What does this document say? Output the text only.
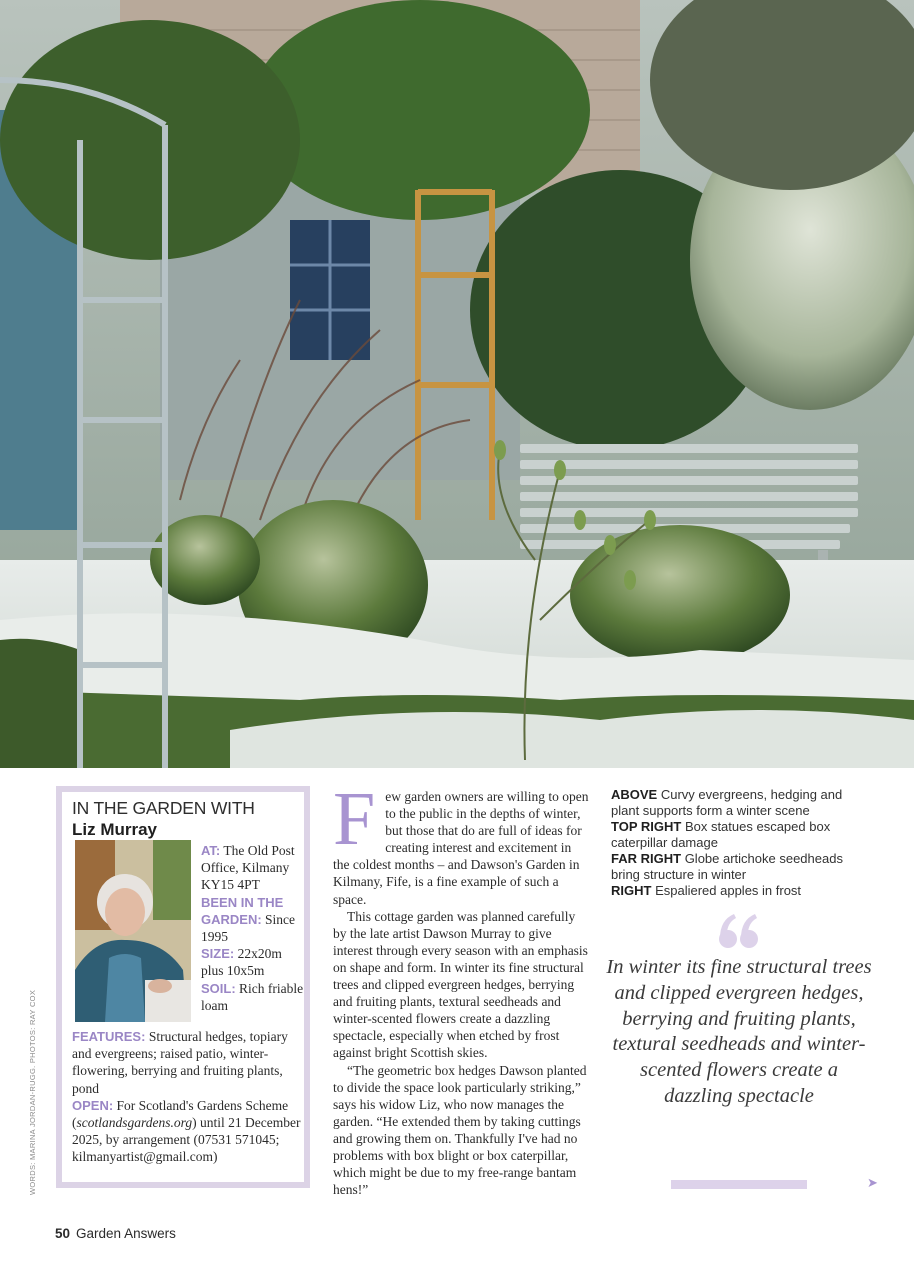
IN THE GARDEN WITH
Liz Murray
AT: The Old Post Office, Kilmany KY15 4PT
BEEN IN THE GARDEN: Since 1995
SIZE: 22x20m plus 10x5m
SOIL: Rich friable loam
FEATURES: Structural hedges, topiary and evergreens; raised patio, winter-flowering, berrying and fruiting plants, pond
OPEN: For Scotland's Gardens Scheme (scotlandsgardens.org) until 21 December 2025, by arrangement (07531 571045; kilmanyartist@gmail.com)
WORDS: MARINA JORDAN-RUGG. PHOTOS: RAY COX
F ew garden owners are willing to open to the public in the depths of winter, but those that do are full of ideas for creating interest and excitement in the coldest months – and Dawson's Garden in Kilmany, Fife, is a fine example of such a space.

This cottage garden was planned carefully by the late artist Dawson Murray to give interest through every season with an emphasis on shape and form. In winter its fine structural trees and clipped evergreen hedges, berrying and fruiting plants, textural seedheads and winter-scented flowers create a dazzling spectacle, especially when etched by frost against bright Scottish skies.

“The geometric box hedges Dawson planted to divide the space look particularly striking,” says his widow Liz, who now manages the garden. “He extended them by taking cuttings and growing them on. Thankfully I've had no problems with box blight or box caterpillar, which might be due to my free-range bantam hens!”

ABOVE Curvy evergreens, hedging and plant supports form a winter scene
TOP RIGHT Box statues escaped box caterpillar damage
FAR RIGHT Globe artichoke seedheads bring structure in winter
RIGHT Espaliered apples in frost
In winter its fine structural trees and clipped evergreen hedges, berrying and fruiting plants, textural seedheads and winter-scented flowers create a dazzling spectacle
➤
50 Garden Answers
